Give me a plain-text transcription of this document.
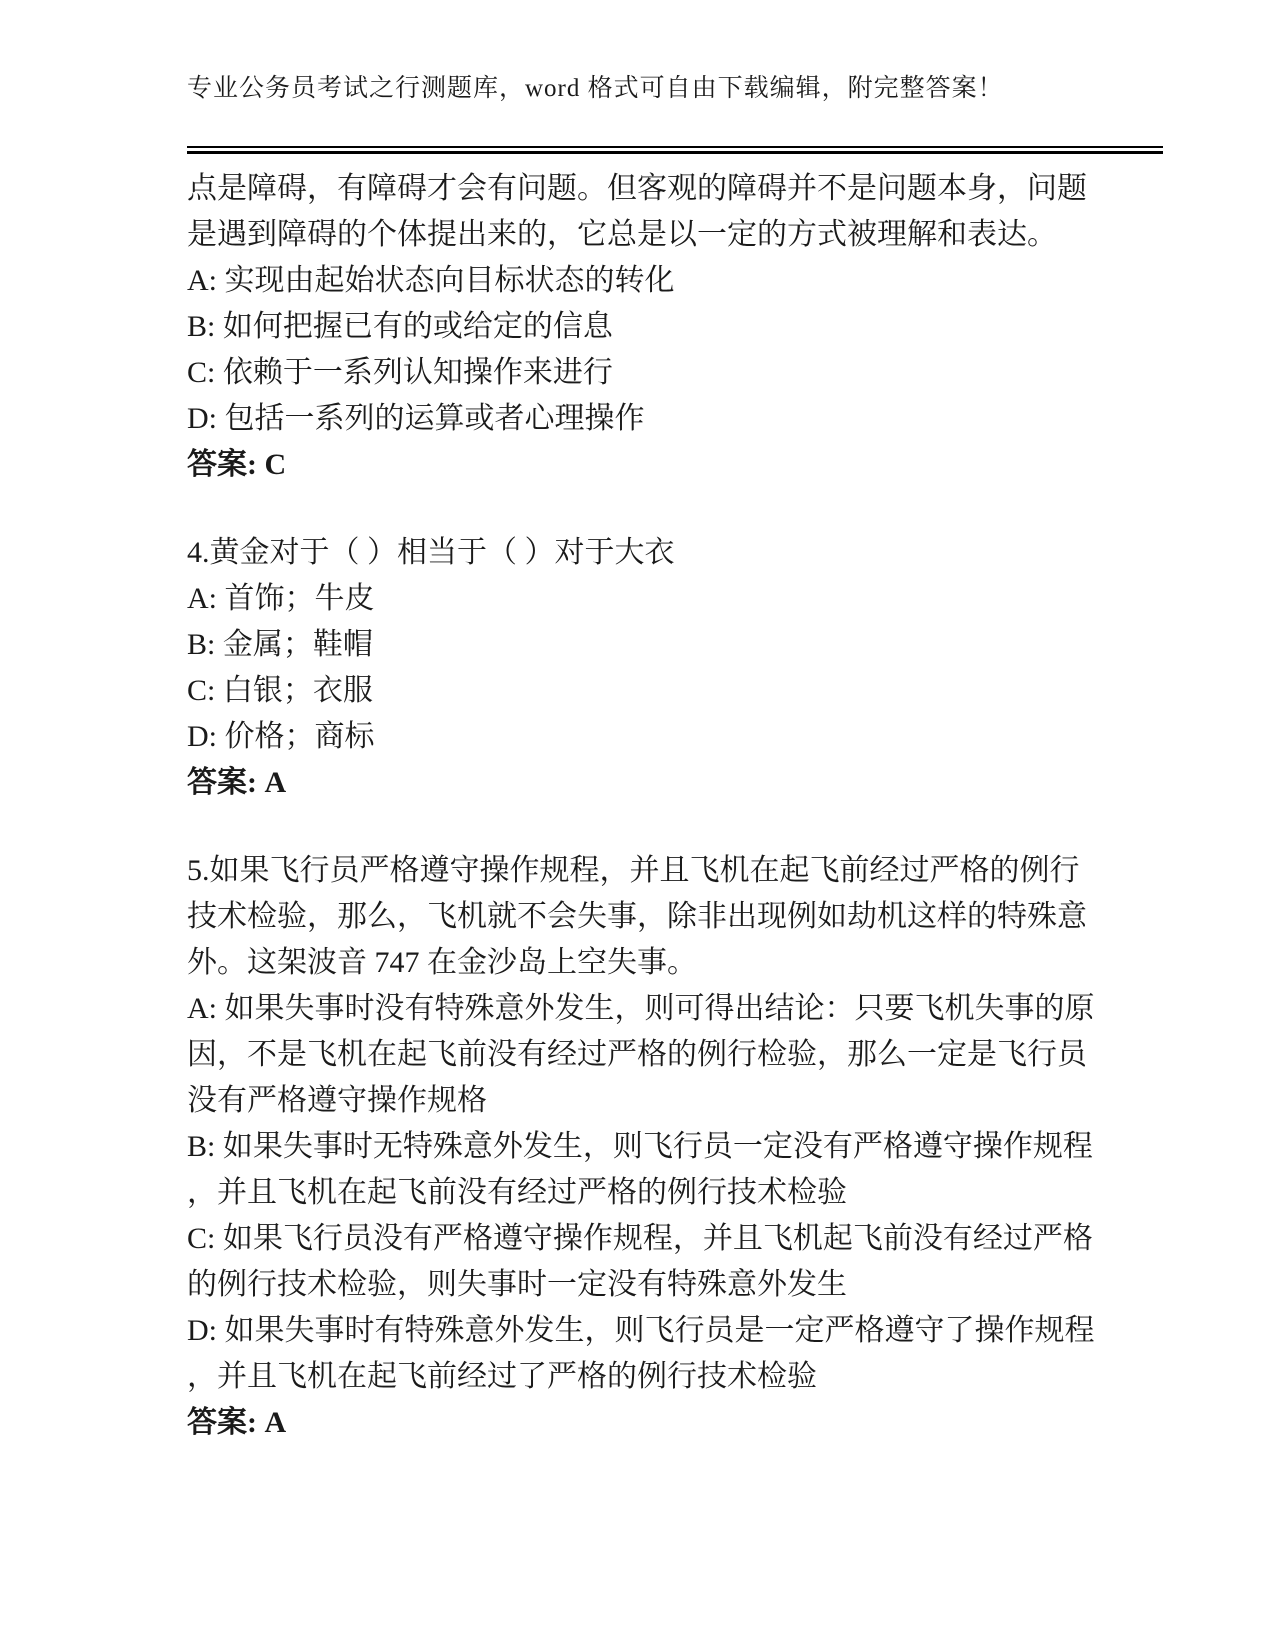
专业公务员考试之行测题库，word 格式可自由下载编辑，附完整答案！

点是障碍，有障碍才会有问题。但客观的障碍并不是问题本身，问题

是遇到障碍的个体提出来的，它总是以一定的方式被理解和表达。

A: 实现由起始状态向目标状态的转化

B: 如何把握已有的或给定的信息

C: 依赖于一系列认知操作来进行

D: 包括一系列的运算或者心理操作

答案: C

4.黄金对于（ ）相当于（ ）对于大衣

A: 首饰；牛皮

B: 金属；鞋帽

C: 白银；衣服

D: 价格；商标

答案: A

5.如果飞行员严格遵守操作规程，并且飞机在起飞前经过严格的例行

技术检验，那么，飞机就不会失事，除非出现例如劫机这样的特殊意

外。这架波音 747 在金沙岛上空失事。

A: 如果失事时没有特殊意外发生，则可得出结论：只要飞机失事的原

因，不是飞机在起飞前没有经过严格的例行检验，那么一定是飞行员

没有严格遵守操作规格

B: 如果失事时无特殊意外发生，则飞行员一定没有严格遵守操作规程

，并且飞机在起飞前没有经过严格的例行技术检验

C: 如果飞行员没有严格遵守操作规程，并且飞机起飞前没有经过严格

的例行技术检验，则失事时一定没有特殊意外发生

D: 如果失事时有特殊意外发生，则飞行员是一定严格遵守了操作规程

，并且飞机在起飞前经过了严格的例行技术检验

答案: A
